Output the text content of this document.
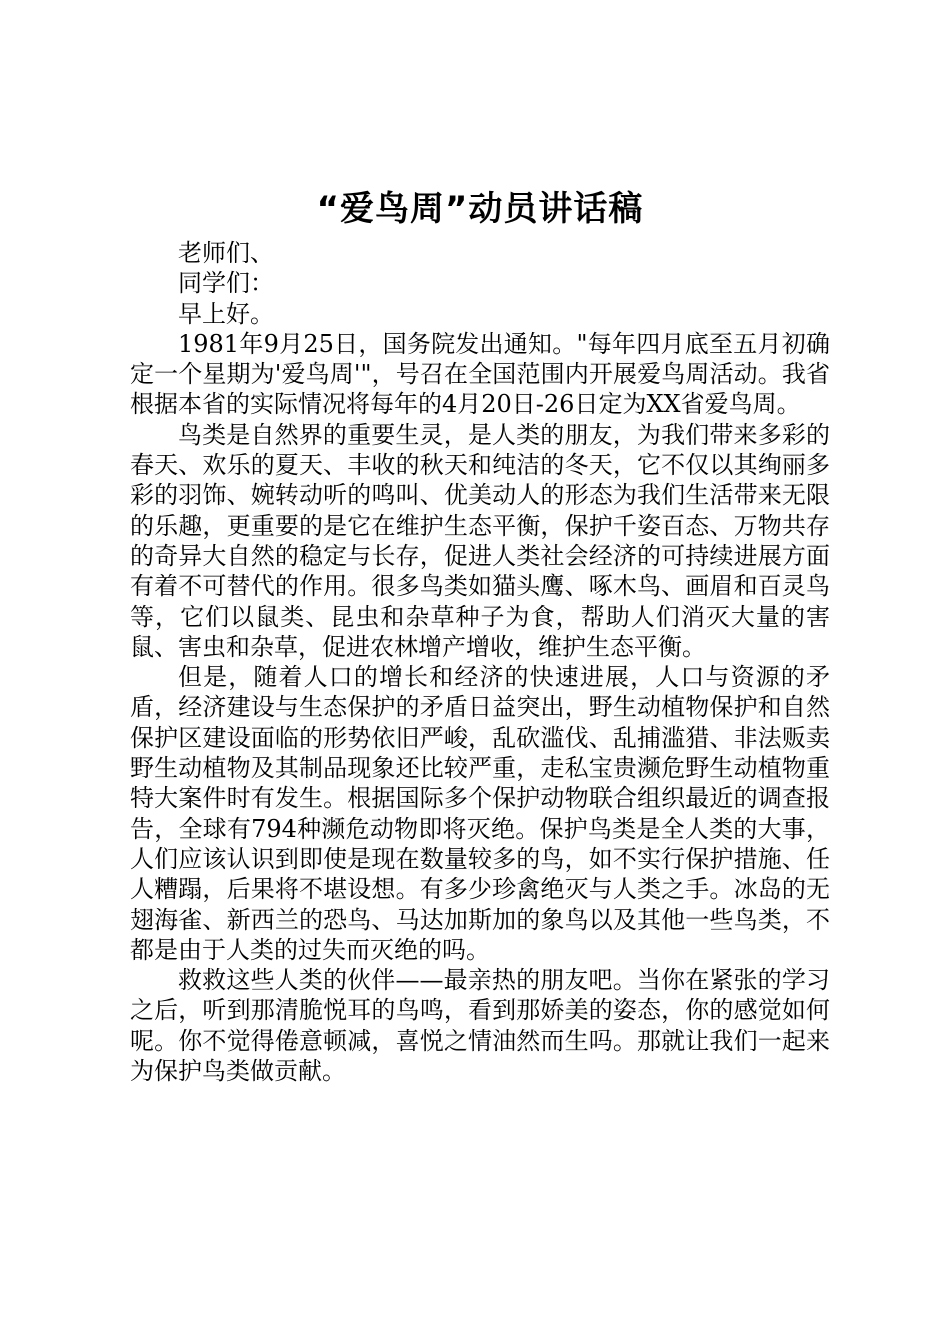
“爱鸟周”动员讲话稿

老师们、

同学们：

早上好。

1981年9月25日，国务院发出通知。"每年四月底至五月初确定一个星期为'爱鸟周'"，号召在全国范围内开展爱鸟周活动。我省根据本省的实际情况将每年的4月20日-26日定为XX省爱鸟周。

鸟类是自然界的重要生灵，是人类的朋友，为我们带来多彩的春天、欢乐的夏天、丰收的秋天和纯洁的冬天，它不仅以其绚丽多彩的羽饰、婉转动听的鸣叫、优美动人的形态为我们生活带来无限的乐趣，更重要的是它在维护生态平衡，保护千姿百态、万物共存的奇异大自然的稳定与长存，促进人类社会经济的可持续进展方面有着不可替代的作用。很多鸟类如猫头鹰、啄木鸟、画眉和百灵鸟等，它们以鼠类、昆虫和杂草种子为食，帮助人们消灭大量的害鼠、害虫和杂草，促进农林增产增收，维护生态平衡。

但是，随着人口的增长和经济的快速进展，人口与资源的矛盾，经济建设与生态保护的矛盾日益突出，野生动植物保护和自然保护区建设面临的形势依旧严峻，乱砍滥伐、乱捕滥猎、非法贩卖野生动植物及其制品现象还比较严重，走私宝贵濒危野生动植物重特大案件时有发生。根据国际多个保护动物联合组织最近的调查报告，全球有794种濒危动物即将灭绝。保护鸟类是全人类的大事，人们应该认识到即使是现在数量较多的鸟，如不实行保护措施、任人糟蹋，后果将不堪设想。有多少珍禽绝灭与人类之手。冰岛的无翅海雀、新西兰的恐鸟、马达加斯加的象鸟以及其他一些鸟类，不都是由于人类的过失而灭绝的吗。

救救这些人类的伙伴——最亲热的朋友吧。当你在紧张的学习之后，听到那清脆悦耳的鸟鸣，看到那娇美的姿态，你的感觉如何呢。你不觉得倦意顿减，喜悦之情油然而生吗。那就让我们一起来为保护鸟类做贡献。
